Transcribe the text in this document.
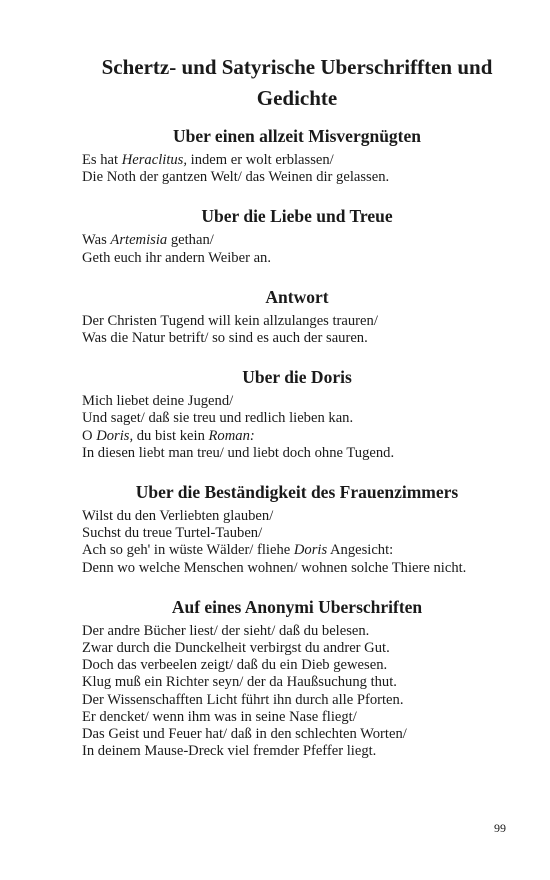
Schertz- und Satyrische Uberschrifften und Gedichte
Uber einen allzeit Misvergnügten
Es hat Heraclitus, indem er wolt erblassen/
Die Noth der gantzen Welt/ das Weinen dir gelassen.
Uber die Liebe und Treue
Was Artemisia gethan/
Geth euch ihr andern Weiber an.
Antwort
Der Christen Tugend will kein allzulanges trauren/
Was die Natur betrift/ so sind es auch der sauren.
Uber die Doris
Mich liebet deine Jugend/
Und saget/ daß sie treu und redlich lieben kan.
O Doris, du bist kein Roman:
In diesen liebt man treu/ und liebt doch ohne Tugend.
Uber die Beständigkeit des Frauenzimmers
Wilst du den Verliebten glauben/
Suchst du treue Turtel-Tauben/
Ach so geh' in wüste Wälder/ fliehe Doris Angesicht:
Denn wo welche Menschen wohnen/ wohnen solche Thiere nicht.
Auf eines Anonymi Uberschriften
Der andre Bücher liest/ der sieht/ daß du belesen.
Zwar durch die Dunckelheit verbirgst du andrer Gut.
Doch das verbeelen zeigt/ daß du ein Dieb gewesen.
Klug muß ein Richter seyn/ der da Haußsuchung thut.
Der Wissenschafften Licht führt ihn durch alle Pforten.
Er dencket/ wenn ihm was in seine Nase fliegt/
Das Geist und Feuer hat/ daß in den schlechten Worten/
In deinem Mause-Dreck viel fremder Pfeffer liegt.
99
